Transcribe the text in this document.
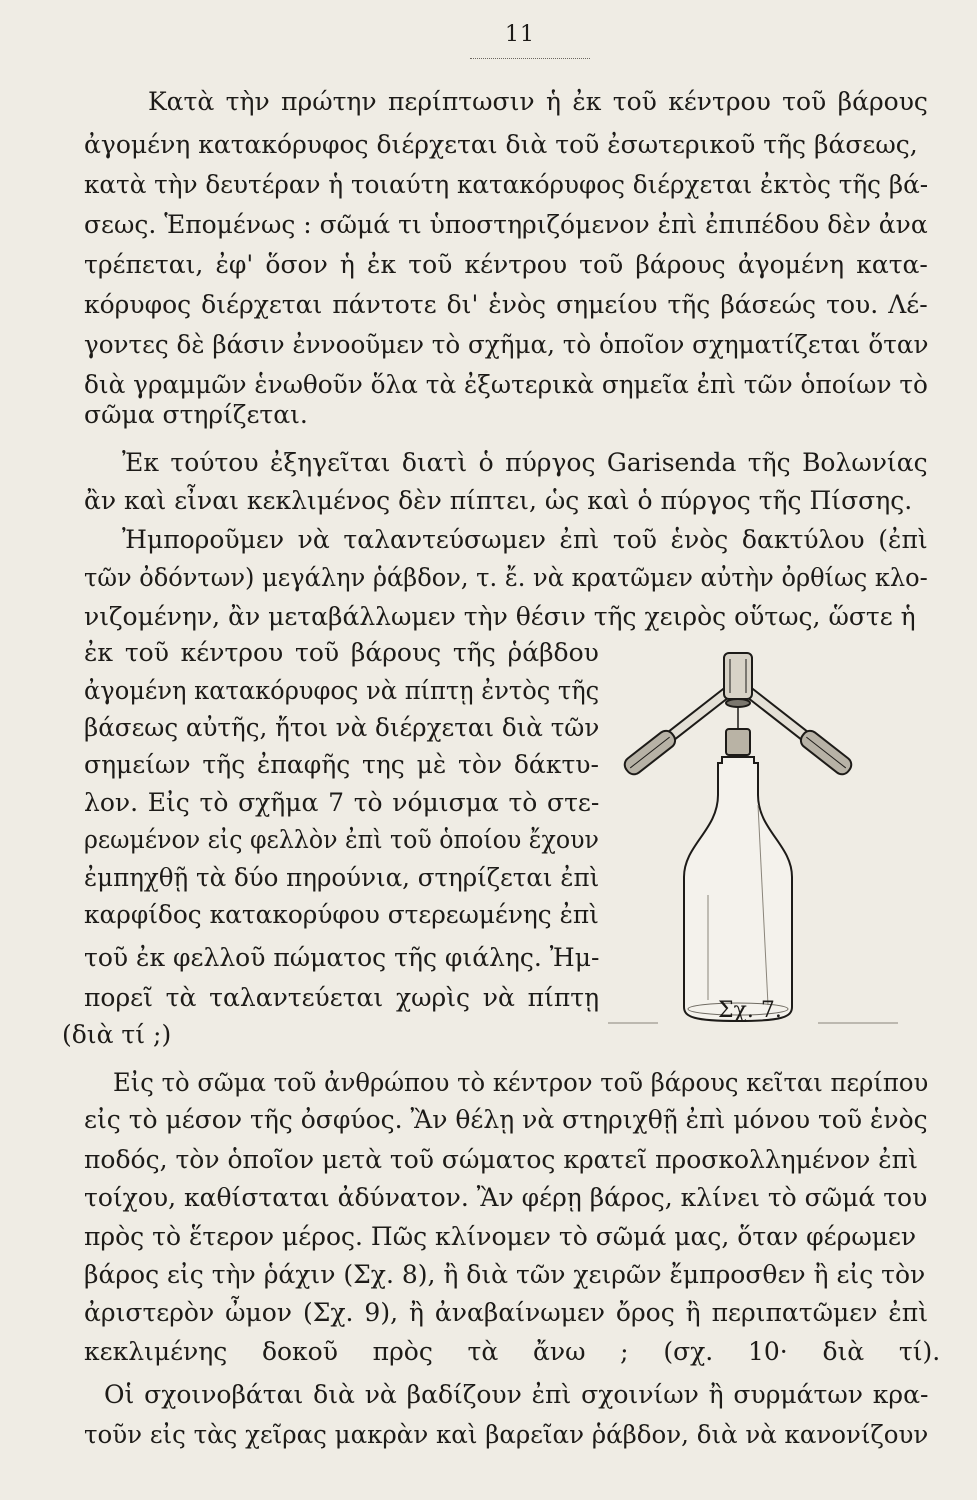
11
Κατὰ τὴν πρώτην περίπτωσιν ἡ ἐκ τοῦ κέντρου τοῦ βάρους
ἀγομένη κατακόρυφος διέρχεται διὰ τοῦ ἐσωτερικοῦ τῆς βάσεως,
κατὰ τὴν δευτέραν ἡ τοιαύτη κατακόρυφος διέρχεται ἐκτὸς τῆς βά-
σεως. Ἑπομένως : σῶμά τι ὑποστηριζόμενον ἐπὶ ἐπιπέδου δὲν ἀνα
τρέπεται, ἐφ' ὅσον ἡ ἐκ τοῦ κέντρου τοῦ βάρους ἀγομένη κατα-
κόρυφος διέρχεται πάντοτε δι' ἑνὸς σημείου τῆς βάσεώς του. Λέ-
γοντες δὲ βάσιν ἐννοοῦμεν τὸ σχῆμα, τὸ ὁποῖον σχηματίζεται ὅταν
διὰ γραμμῶν ἑνωθοῦν ὅλα τὰ ἐξωτερικὰ σημεῖα ἐπὶ τῶν ὁποίων τὸ
σῶμα στηρίζεται.
Ἐκ τούτου ἐξηγεῖται διατὶ ὁ πύργος Garisenda τῆς Βολωνίας
ἂν καὶ εἶναι κεκλιμένος δὲν πίπτει, ὡς καὶ ὁ πύργος τῆς Πίσσης.
Ἠμποροῦμεν νὰ ταλαντεύσωμεν ἐπὶ τοῦ ἑνὸς δακτύλου (ἐπὶ
τῶν ὀδόντων) μεγάλην ῥάβδον, τ. ἔ. νὰ κρατῶμεν αὐτὴν ὀρθίως κλο-
νιζομένην, ἂν μεταβάλλωμεν τὴν θέσιν τῆς χειρὸς οὕτως, ὥστε ἡ
ἐκ τοῦ κέντρου τοῦ βάρους τῆς ῥάβδου
ἀγομένη κατακόρυφος νὰ πίπτῃ ἐντὸς τῆς
βάσεως αὐτῆς, ἤτοι νὰ διέρχεται διὰ τῶν
σημείων τῆς ἐπαφῆς της μὲ τὸν δάκτυ-
λον. Εἰς τὸ σχῆμα 7 τὸ νόμισμα τὸ στε-
ρεωμένον εἰς φελλὸν ἐπὶ τοῦ ὁποίου ἔχουν
ἐμπηχθῇ τὰ δύο πηρούνια, στηρίζεται ἐπὶ
καρφίδος κατακορύφου στερεωμένης ἐπὶ
τοῦ ἐκ φελλοῦ πώματος τῆς φιάλης. Ἠμ-
πορεῖ τὰ ταλαντεύεται χωρὶς νὰ πίπτῃ
(διὰ τί ;)
Σχ. 7.
Εἰς τὸ σῶμα τοῦ ἀνθρώπου τὸ κέντρον τοῦ βάρους κεῖται περίπου
εἰς τὸ μέσον τῆς ὀσφύος. Ἂν θέλῃ νὰ στηριχθῇ ἐπὶ μόνου τοῦ ἑνὸς
ποδός, τὸν ὁποῖον μετὰ τοῦ σώματος κρατεῖ προσκολλημένον ἐπὶ
τοίχου, καθίσταται ἀδύνατον. Ἂν φέρῃ βάρος, κλίνει τὸ σῶμά του
πρὸς τὸ ἕτερον μέρος. Πῶς κλίνομεν τὸ σῶμά μας, ὅταν φέρωμεν
βάρος εἰς τὴν ῥάχιν (Σχ. 8), ἢ διὰ τῶν χειρῶν ἔμπροσθεν ἢ εἰς τὸν
ἀριστερὸν ὦμον (Σχ. 9), ἢ ἀναβαίνωμεν ὄρος ἢ περιπατῶμεν ἐπὶ
κεκλιμένης δοκοῦ πρὸς τὰ ἄνω ; (σχ. 10· διὰ τί).
Οἱ σχοινοβάται διὰ νὰ βαδίζουν ἐπὶ σχοινίων ἢ συρμάτων κρα-
τοῦν εἰς τὰς χεῖρας μακρὰν καὶ βαρεῖαν ῥάβδον, διὰ νὰ κανονίζουν
